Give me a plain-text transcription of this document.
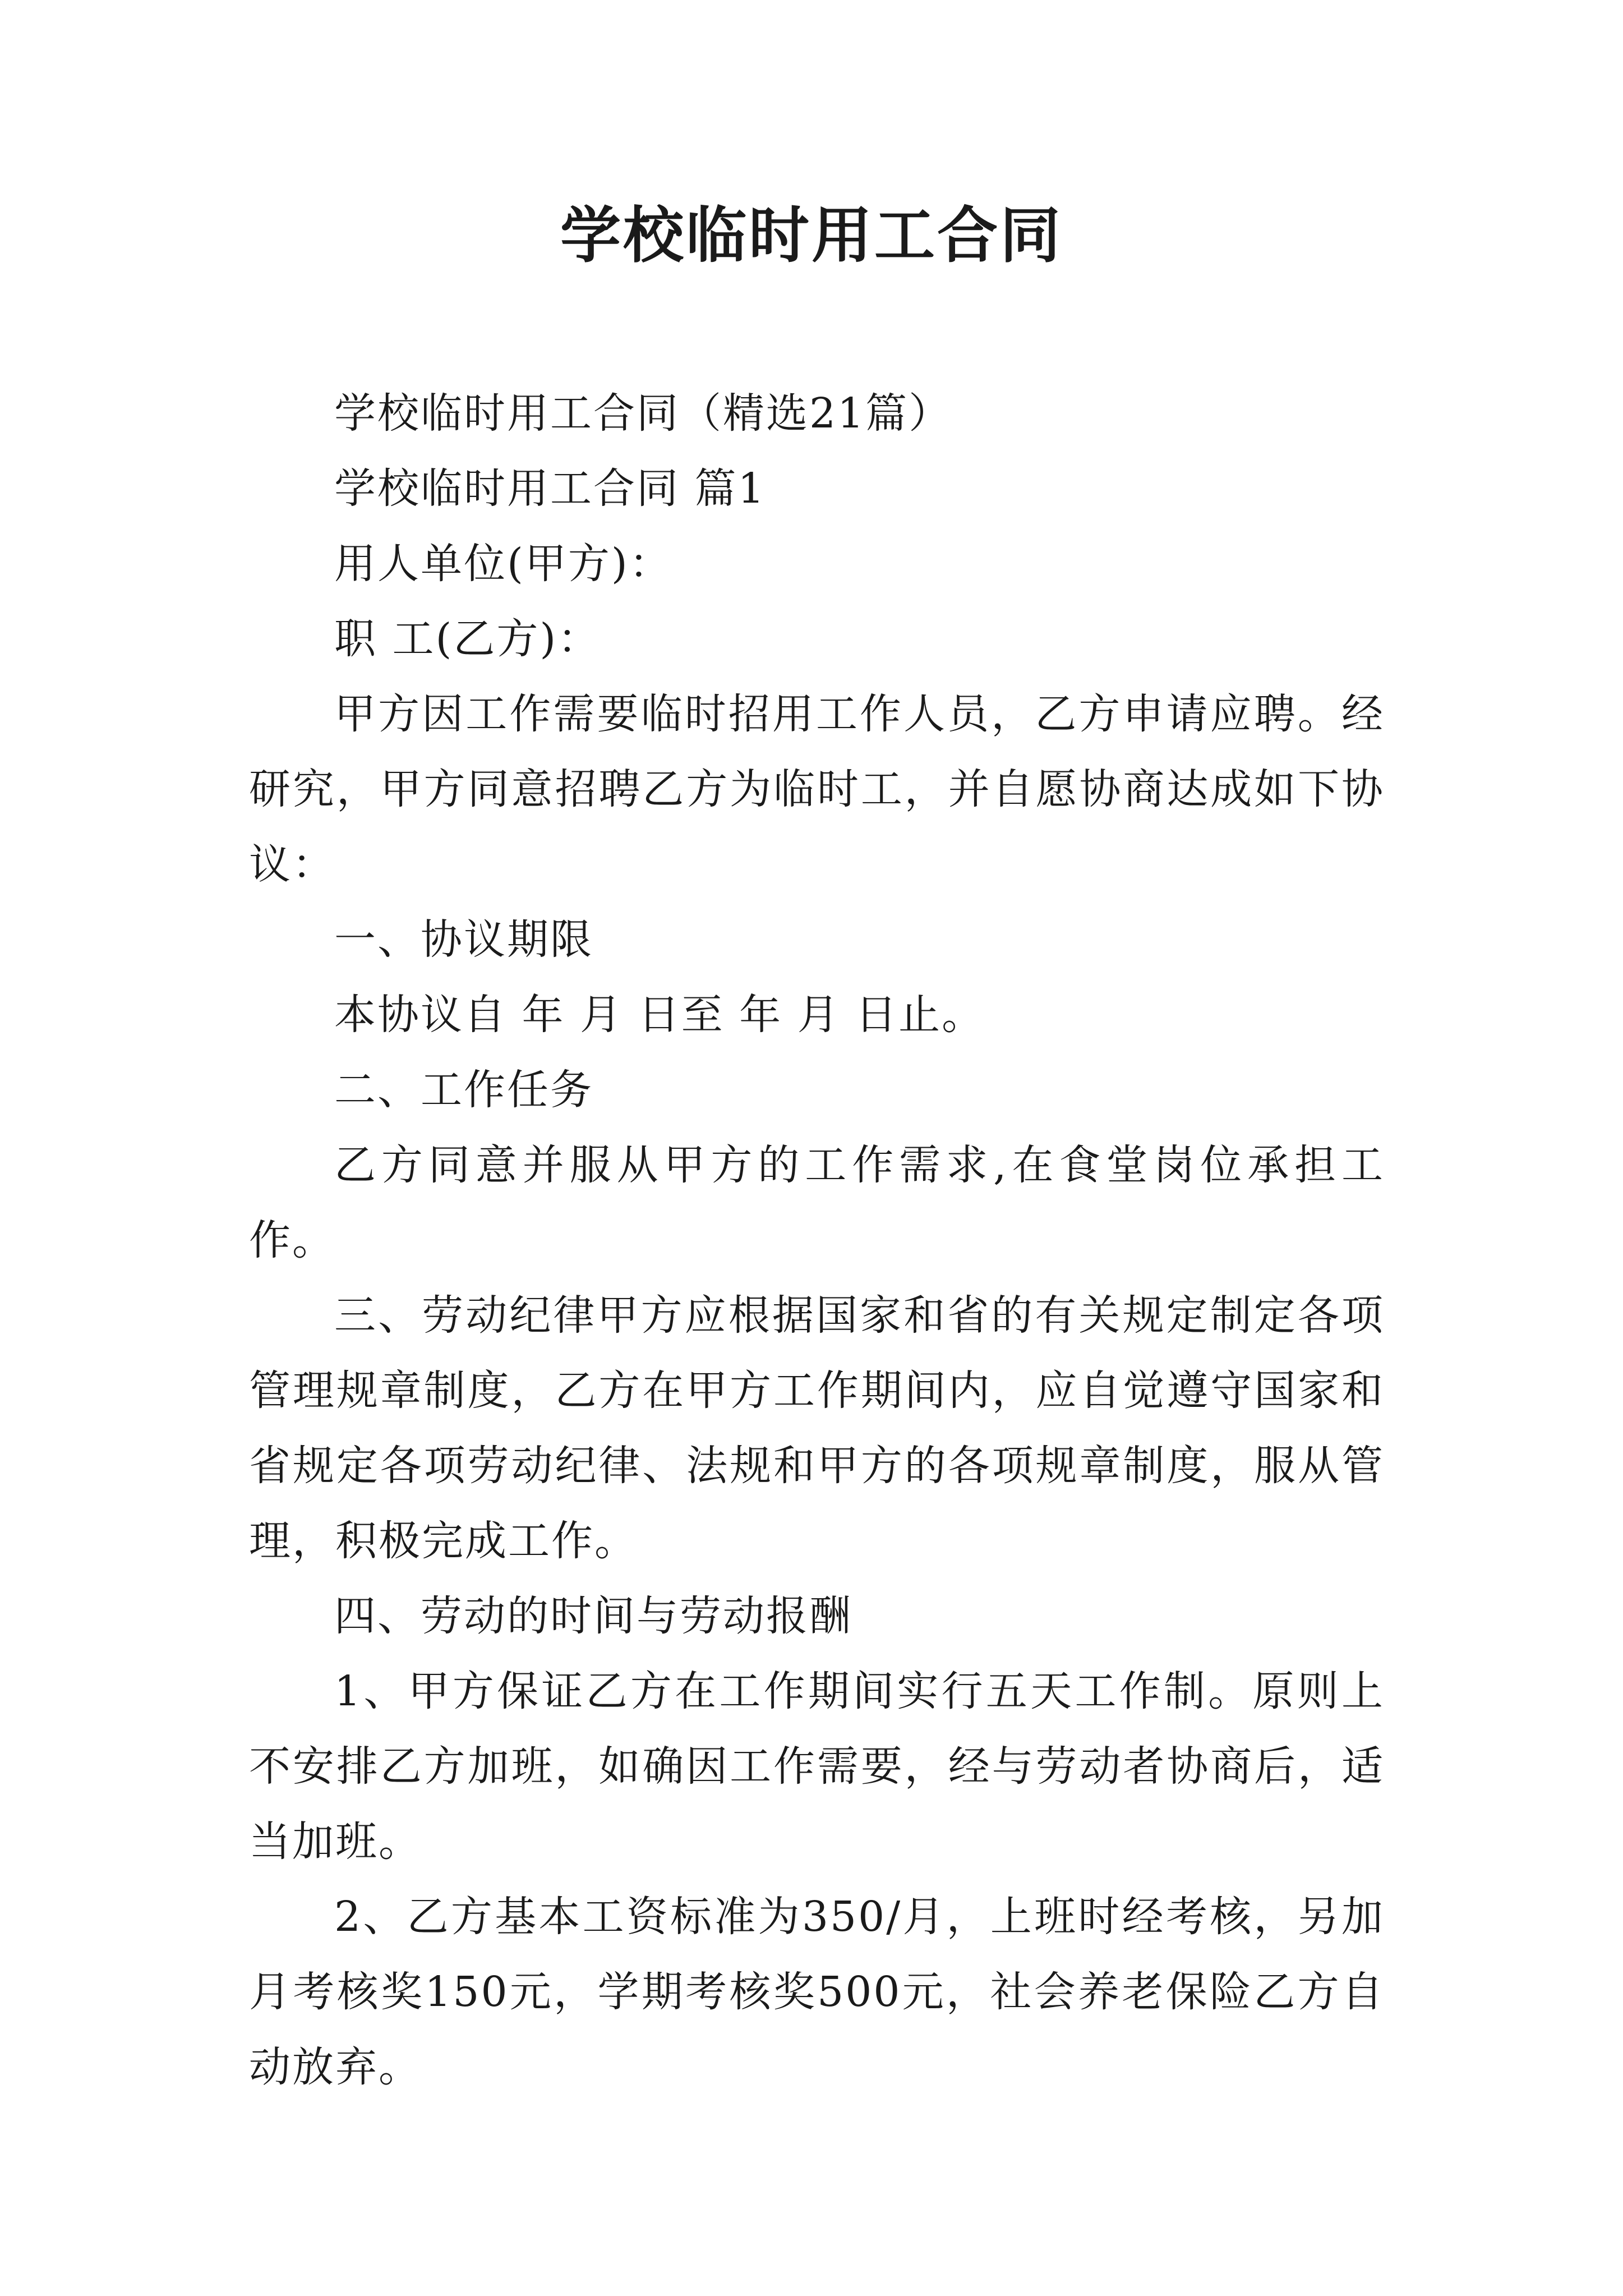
学校临时用工合同

学校临时用工合同（精选21篇）

学校临时用工合同 篇1

用人单位(甲方)：

职 工(乙方)：

甲方因工作需要临时招用工作人员，乙方申请应聘。经研究，甲方同意招聘乙方为临时工，并自愿协商达成如下协议：

一、协议期限

本协议自 年 月 日至 年 月 日止。

二、工作任务

乙方同意并服从甲方的工作需求,在食堂岗位承担工作。

三、劳动纪律甲方应根据国家和省的有关规定制定各项管理规章制度，乙方在甲方工作期间内，应自觉遵守国家和省规定各项劳动纪律、法规和甲方的各项规章制度，服从管理，积极完成工作。

四、劳动的时间与劳动报酬

1、甲方保证乙方在工作期间实行五天工作制。原则上不安排乙方加班，如确因工作需要，经与劳动者协商后，适当加班。

2、乙方基本工资标准为350/月，上班时经考核，另加月考核奖150元，学期考核奖500元，社会养老保险乙方自动放弃。
